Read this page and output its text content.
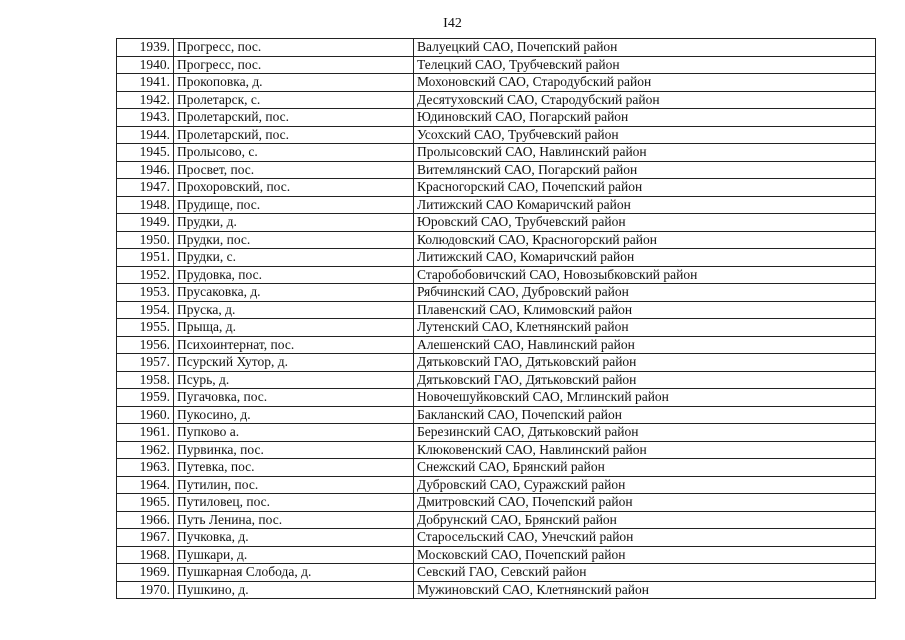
I42
1939.	Прогресс, пос.	Валуецкий САО, Почепский район
1940.	Прогресс, пос.	Телецкий САО, Трубчевский район
1941.	Прокоповка, д.	Мохоновский САО, Стародубский район
1942.	Пролетарск, с.	Десятуховский САО, Стародубский район
1943.	Пролетарский, пос.	Юдиновский САО, Погарский район
1944.	Пролетарский, пос.	Усохский САО, Трубчевский район
1945.	Пролысово, с.	Пролысовский САО, Навлинский район
1946.	Просвет, пос.	Витемлянский САО, Погарский район
1947.	Прохоровский, пос.	Красногорский САО, Почепский район
1948.	Прудище, пос.	Литижский САО Комаричский район
1949.	Прудки, д.	Юровский САО, Трубчевский район
1950.	Прудки, пос.	Колюдовский САО, Красногорский район
1951.	Прудки, с.	Литижский САО, Комаричский район
1952.	Прудовка, пос.	Старобобовичский САО, Новозыбковский район
1953.	Прусаковка, д.	Рябчинский САО, Дубровский район
1954.	Пруска, д.	Плавенский САО, Климовский район
1955.	Прыща, д.	Лутенский САО, Клетнянский район
1956.	Психоинтернат, пос.	Алешенский САО, Навлинский район
1957.	Псурский Хутор, д.	Дятьковский ГАО, Дятьковский район
1958.	Псурь, д.	Дятьковский ГАО, Дятьковский район
1959.	Пугачовка, пос.	Новочешуйковский САО, Мглинский район
1960.	Пукосино, д.	Бакланский САО, Почепский район
1961.	Пупково а.	Березинский САО, Дятьковский район
1962.	Пурвинка, пос.	Клюковенский САО, Навлинский район
1963.	Путевка, пос.	Снежский САО, Брянский район
1964.	Путилин, пос.	Дубровский САО, Суражский район
1965.	Путиловец, пос.	Дмитровский САО, Почепский район
1966.	Путь Ленина, пос.	Добрунский САО, Брянский район
1967.	Пучковка, д.	Старосельский САО, Унечский район
1968.	Пушкари, д.	Московский САО, Почепский район
1969.	Пушкарная Слобода, д.	Севский ГАО, Севский район
1970.	Пушкино, д.	Мужиновский САО, Клетнянский район
